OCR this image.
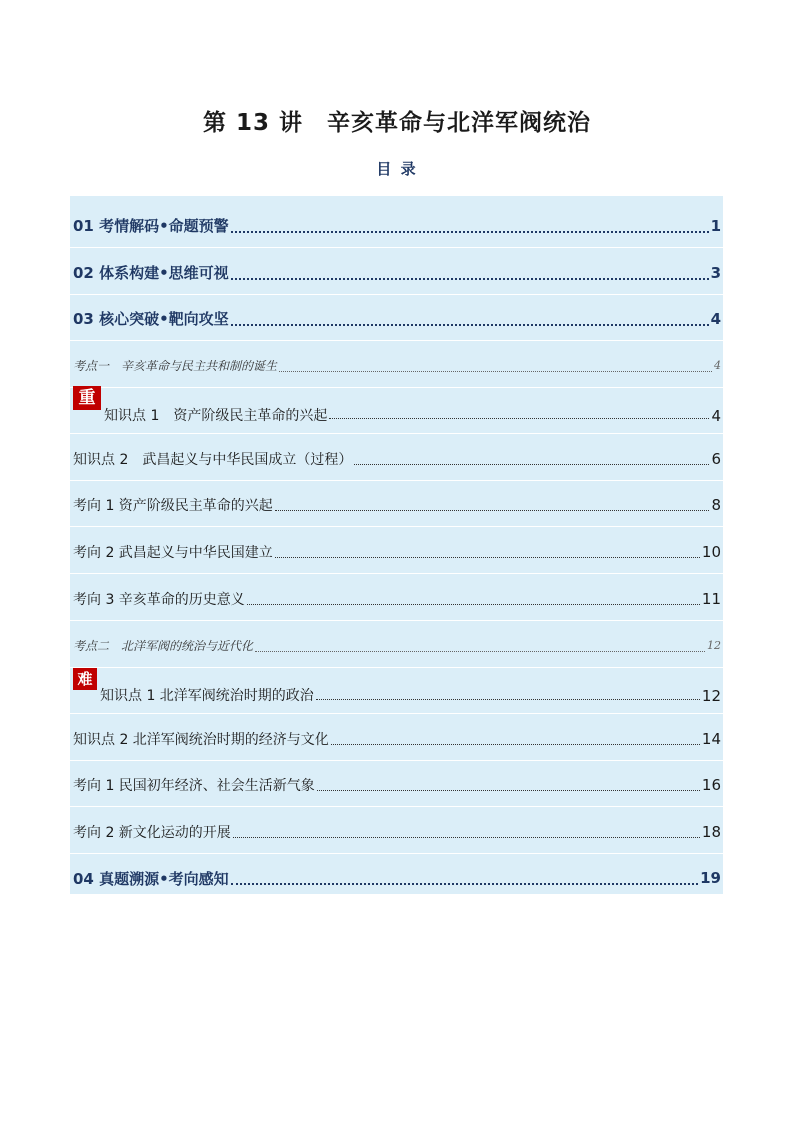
第 13 讲　辛亥革命与北洋军阀统治
目 录
01 考情解码•命题预警	1
02 体系构建•思维可视	3
03 核心突破•靶向攻坚	4
考点一　辛亥革命与民主共和制的诞生	4
重
知识点 1　资产阶级民主革命的兴起	4
知识点 2　武昌起义与中华民国成立（过程）	6
考向 1 资产阶级民主革命的兴起	8
考向 2 武昌起义与中华民国建立	10
考向 3 辛亥革命的历史意义	11
考点二　北洋军阀的统治与近代化	12
难
知识点 1 北洋军阀统治时期的政治	12
知识点 2 北洋军阀统治时期的经济与文化	14
考向 1 民国初年经济、社会生活新气象	16
考向 2 新文化运动的开展	18
04 真题溯源•考向感知	19
